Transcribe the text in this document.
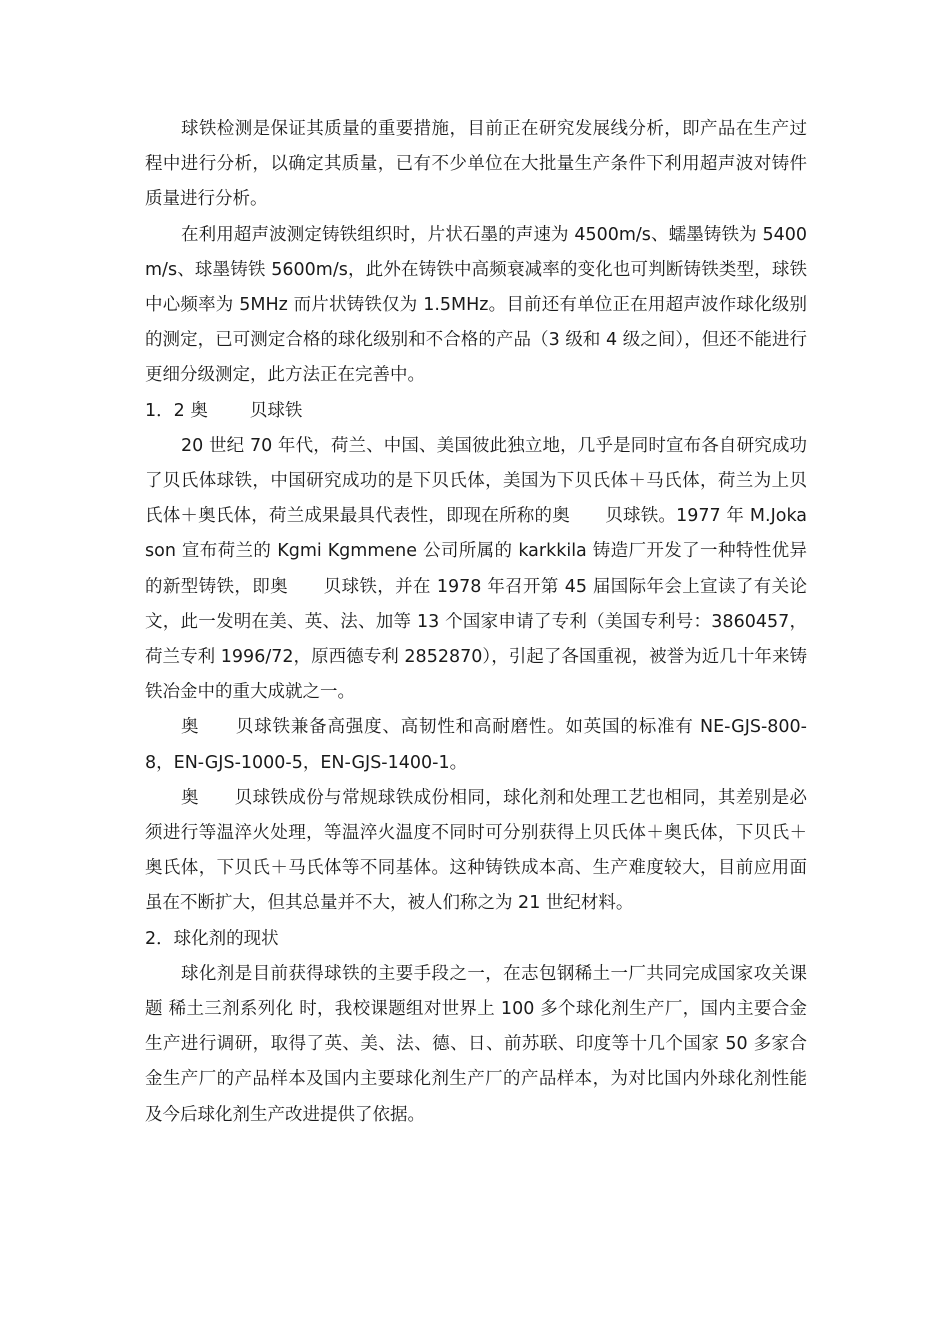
球铁检测是保证其质量的重要措施，目前正在研究发展线分析，即产品在生产过程中进行分析，以确定其质量，已有不少单位在大批量生产条件下利用超声波对铸件质量进行分析。

在利用超声波测定铸铁组织时，片状石墨的声速为 4500m/s、蠕墨铸铁为 5400m/s、球墨铸铁 5600m/s，此外在铸铁中高频衰减率的变化也可判断铸铁类型，球铁中心频率为 5MHz 而片状铸铁仅为 1.5MHz。目前还有单位正在用超声波作球化级别的测定，已可测定合格的球化级别和不合格的产品（3 级和 4 级之间），但还不能进行更细分级测定，此方法正在完善中。

1．2 奥 贝球铁

20 世纪 70 年代，荷兰、中国、美国彼此独立地，几乎是同时宣布各自研究成功了贝氏体球铁，中国研究成功的是下贝氏体，美国为下贝氏体＋马氏体，荷兰为上贝氏体＋奥氏体，荷兰成果最具代表性，即现在所称的奥　　贝球铁。1977 年 M.Jokason 宣布荷兰的 Kgmi Kgmmene 公司所属的 karkkila 铸造厂开发了一种特性优异的新型铸铁，即奥　　贝球铁，并在 1978 年召开第 45 届国际年会上宣读了有关论文，此一发明在美、英、法、加等 13 个国家申请了专利（美国专利号：3860457，荷兰专利 1996/72，原西德专利 2852870），引起了各国重视，被誉为近几十年来铸铁冶金中的重大成就之一。

奥　　贝球铁兼备高强度、高韧性和高耐磨性。如英国的标准有 NE-GJS-800-8，EN-GJS-1000-5，EN-GJS-1400-1。

奥　　贝球铁成份与常规球铁成份相同，球化剂和处理工艺也相同，其差别是必须进行等温淬火处理，等温淬火温度不同时可分别获得上贝氏体＋奥氏体，下贝氏＋奥氏体，下贝氏＋马氏体等不同基体。这种铸铁成本高、生产难度较大，目前应用面虽在不断扩大，但其总量并不大，被人们称之为 21 世纪材料。

2．球化剂的现状

球化剂是目前获得球铁的主要手段之一，在志包钢稀土一厂共同完成国家攻关课题 稀土三剂系列化 时，我校课题组对世界上 100 多个球化剂生产厂，国内主要合金生产进行调研，取得了英、美、法、德、日、前苏联、印度等十几个国家 50 多家合金生产厂的产品样本及国内主要球化剂生产厂的产品样本，为对比国内外球化剂性能及今后球化剂生产改进提供了依据。
